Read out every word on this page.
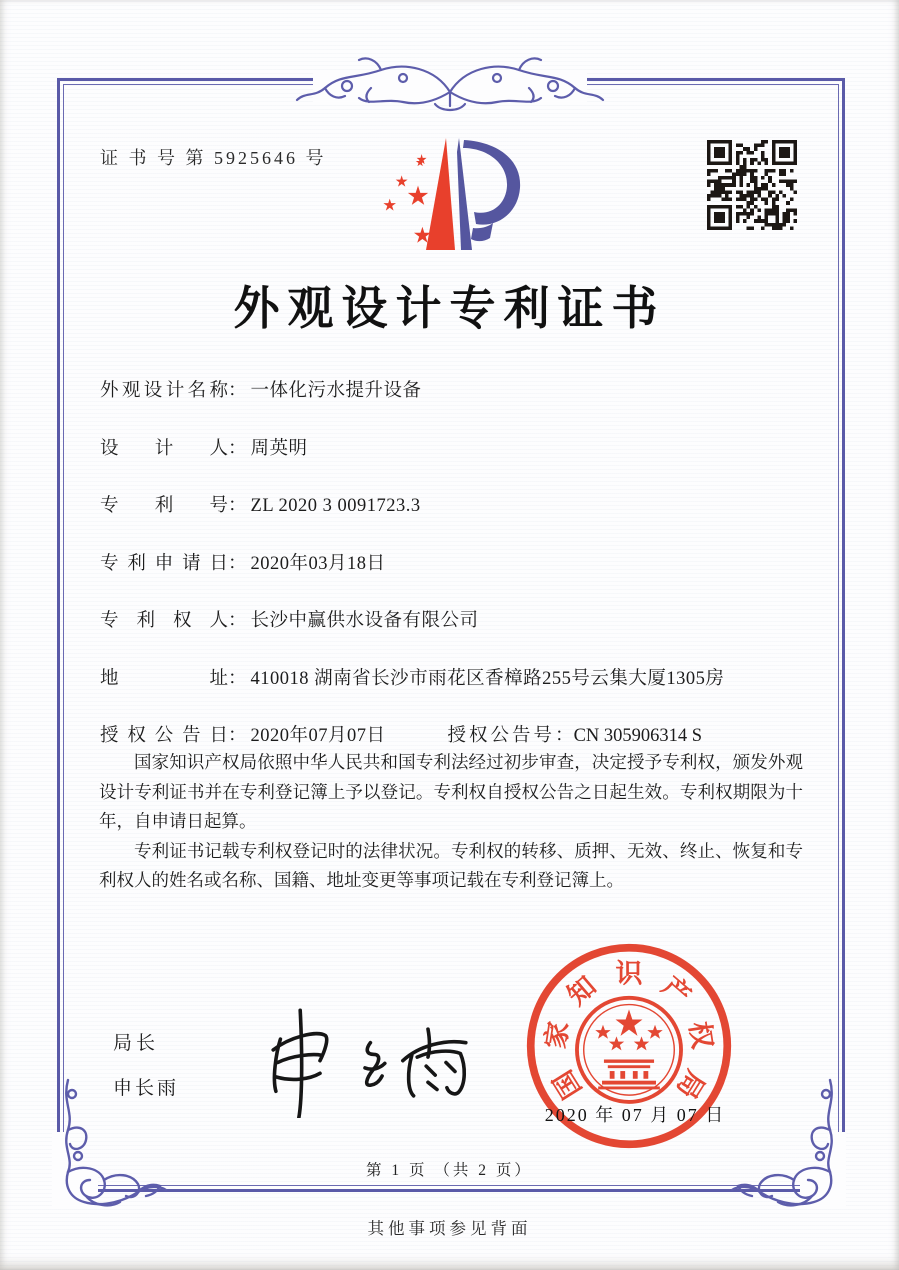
证 书 号 第 5925646 号
外观设计专利证书
外观设计名称： 一体化污水提升设备
设 计 人： 周英明
专 利 号： ZL 2020 3 0091723.3
专利申请日： 2020年03月18日
专 利 权 人： 长沙中赢供水设备有限公司
地 址： 410018 湖南省长沙市雨花区香樟路255号云集大厦1305房
授权公告日： 2020年07月07日	授权公告号：CN 305906314 S

国家知识产权局依照中华人民共和国专利法经过初步审查，决定授予专利权，颁发外观设计专利证书并在专利登记簿上予以登记。专利权自授权公告之日起生效。专利权期限为十年，自申请日起算。

专利证书记载专利权登记时的法律状况。专利权的转移、质押、无效、终止、恢复和专利权人的姓名或名称、国籍、地址变更等事项记载在专利登记簿上。

局长
申长雨	国
家
知 识 产
权
局
2020 年 07 月 07 日
第 1 页 （共 2 页）
其他事项参见背面
